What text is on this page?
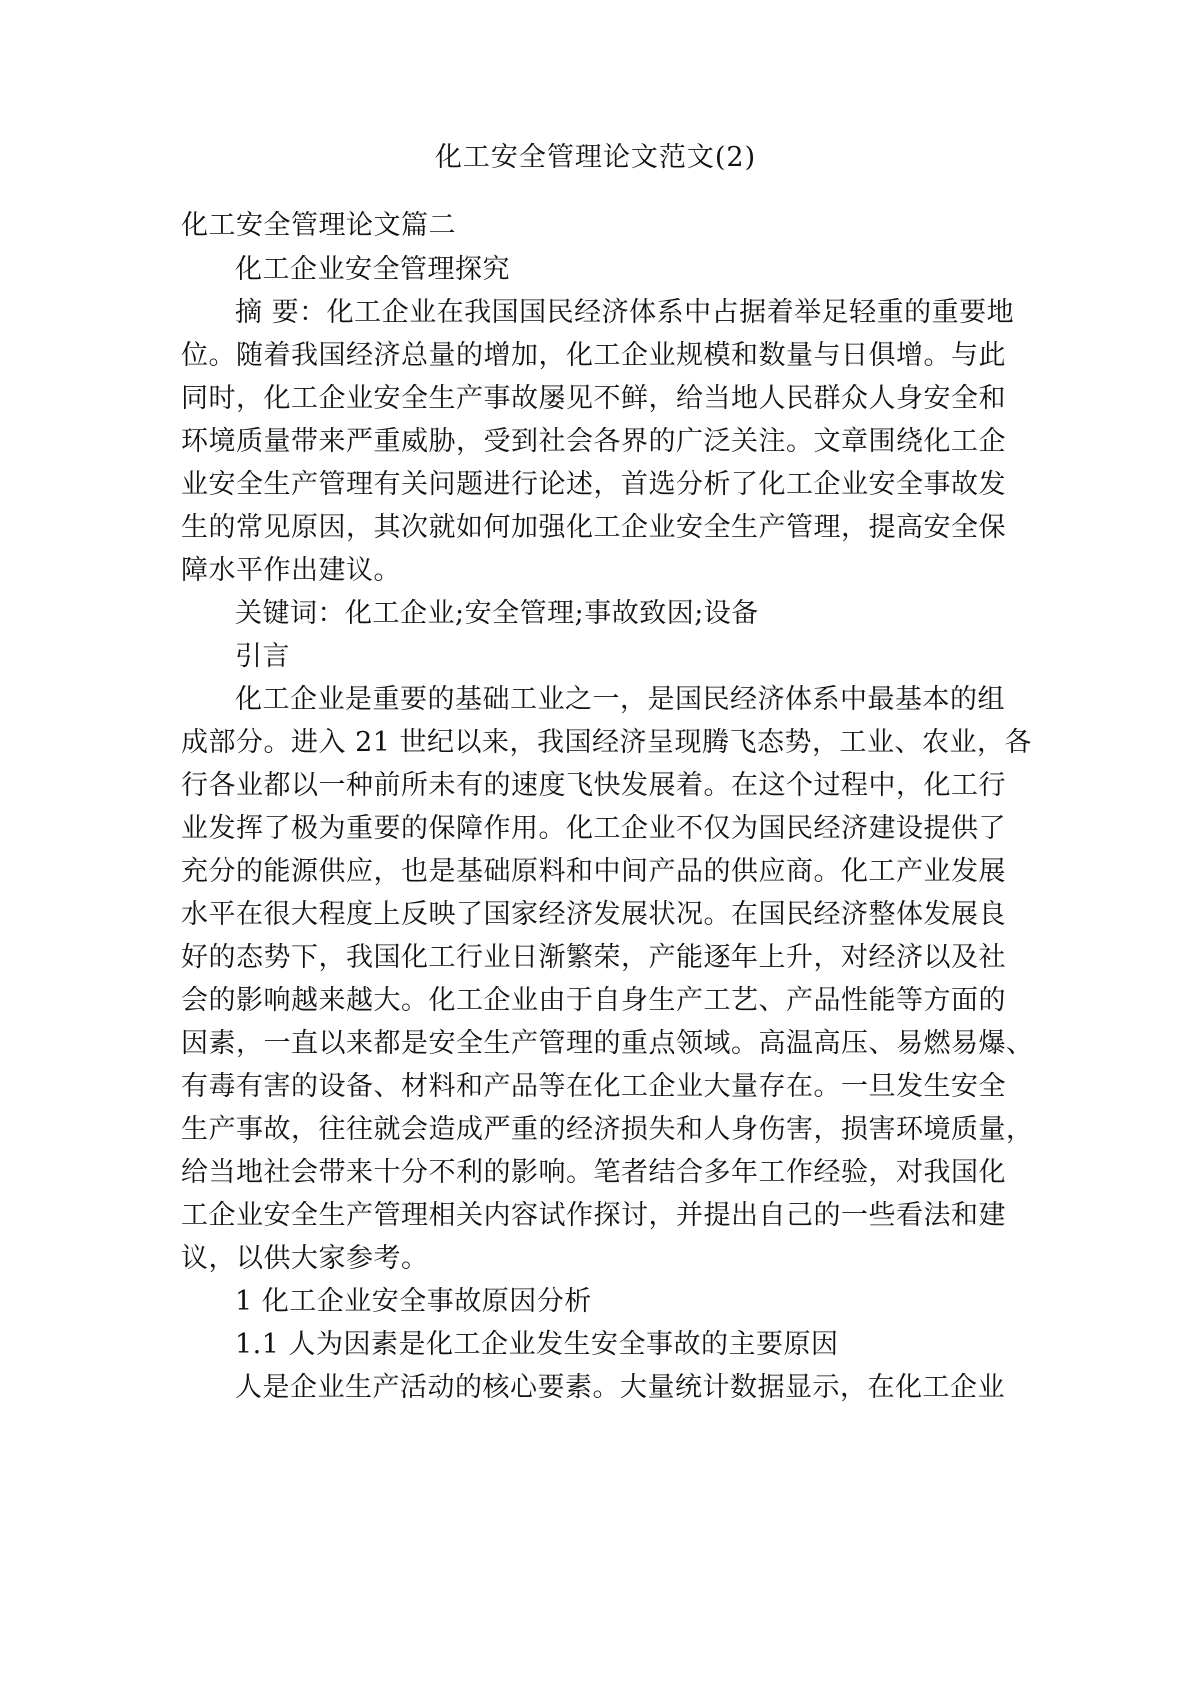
化工安全管理论文范文(2)
化工安全管理论文篇二
化工企业安全管理探究
摘 要：化工企业在我国国民经济体系中占据着举足轻重的重要地
位。随着我国经济总量的增加，化工企业规模和数量与日俱增。与此
同时，化工企业安全生产事故屡见不鲜，给当地人民群众人身安全和
环境质量带来严重威胁，受到社会各界的广泛关注。文章围绕化工企
业安全生产管理有关问题进行论述，首选分析了化工企业安全事故发
生的常见原因，其次就如何加强化工企业安全生产管理，提高安全保
障水平作出建议。
关键词：化工企业;安全管理;事故致因;设备
引言
化工企业是重要的基础工业之一，是国民经济体系中最基本的组
成部分。进入 21 世纪以来，我国经济呈现腾飞态势，工业、农业，各
行各业都以一种前所未有的速度飞快发展着。在这个过程中，化工行
业发挥了极为重要的保障作用。化工企业不仅为国民经济建设提供了
充分的能源供应，也是基础原料和中间产品的供应商。化工产业发展
水平在很大程度上反映了国家经济发展状况。在国民经济整体发展良
好的态势下，我国化工行业日渐繁荣，产能逐年上升，对经济以及社
会的影响越来越大。化工企业由于自身生产工艺、产品性能等方面的
因素，一直以来都是安全生产管理的重点领域。高温高压、易燃易爆、
有毒有害的设备、材料和产品等在化工企业大量存在。一旦发生安全
生产事故，往往就会造成严重的经济损失和人身伤害，损害环境质量，
给当地社会带来十分不利的影响。笔者结合多年工作经验，对我国化
工企业安全生产管理相关内容试作探讨，并提出自己的一些看法和建
议，以供大家参考。
1 化工企业安全事故原因分析
1.1 人为因素是化工企业发生安全事故的主要原因
人是企业生产活动的核心要素。大量统计数据显示，在化工企业
